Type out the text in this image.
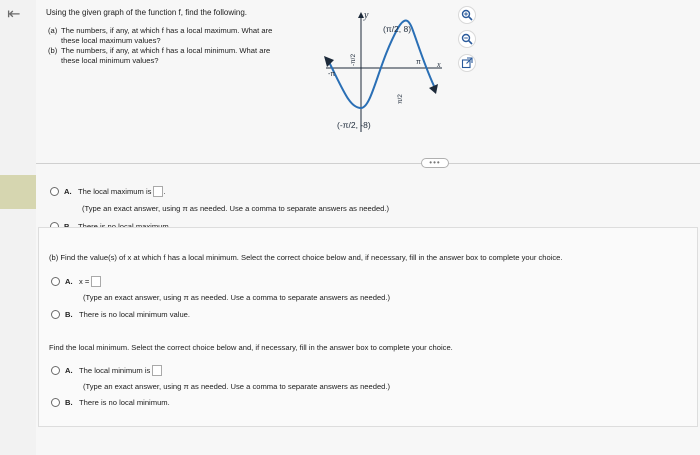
⇤	Using the given graph of the function f, find the following.
(a) The numbers, if any, at which f has a local maximum. What are these local maximum values?
(b) The numbers, if any, at which f has a local minimum. What are these local minimum values?
y
x
-π
π
-π/2
π/2
(π/2, 8)
(-π/2, -8)
•••
A. The local maximum is .
(Type an exact answer, using π as needed. Use a comma to separate answers as needed.)
(b) Find the value(s) of x at which f has a local minimum. Select the correct choice below and, if necessary, fill in the answer box to complete your choice.
A. x =
(Type an exact answer, using π as needed. Use a comma to separate answers as needed.)
B. There is no local minimum value.
Find the local minimum. Select the correct choice below and, if necessary, fill in the answer box to complete your choice.
A. The local minimum is
(Type an exact answer, using π as needed. Use a comma to separate answers as needed.)
B. There is no local minimum.
